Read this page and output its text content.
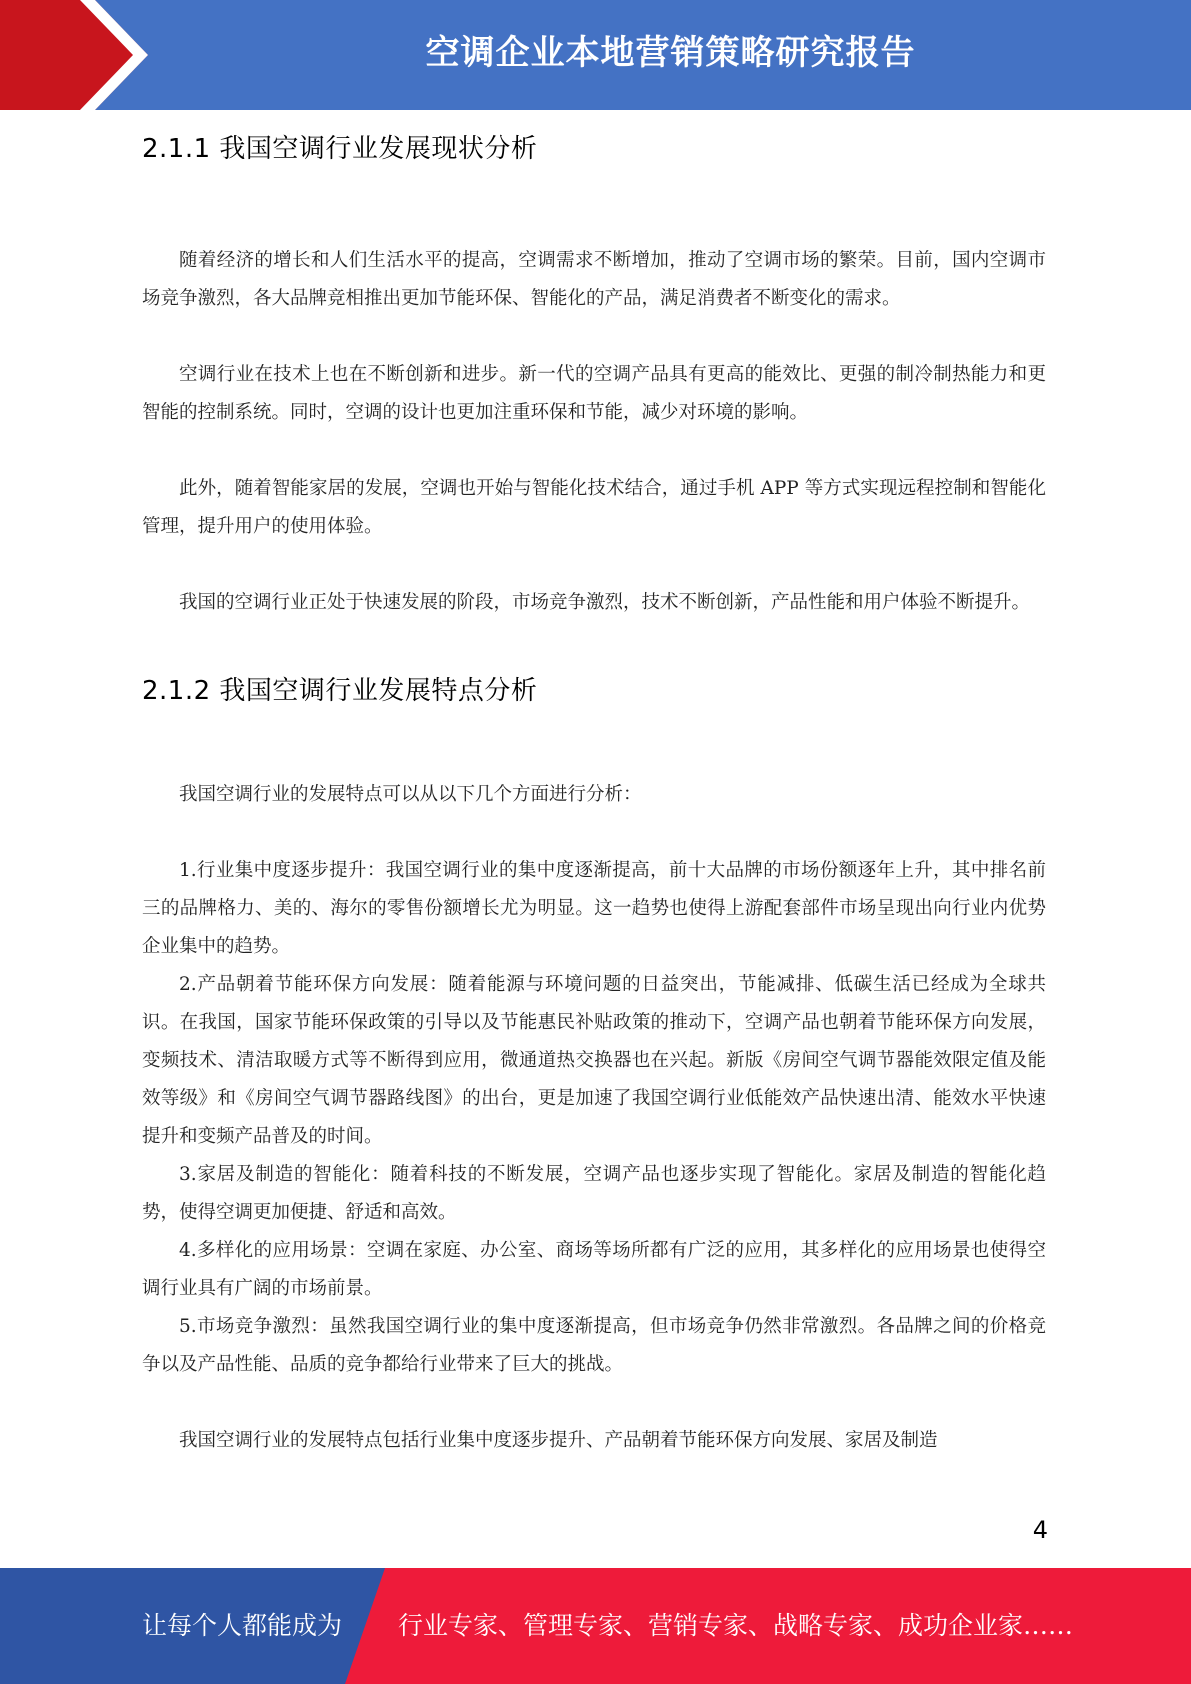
空调企业本地营销策略研究报告
2.1.1 我国空调行业发展现状分析

随着经济的增长和人们生活水平的提高，空调需求不断增加，推动了空调市场的繁荣。目前，国内空调市场竞争激烈，各大品牌竞相推出更加节能环保、智能化的产品，满足消费者不断变化的需求。

空调行业在技术上也在不断创新和进步。新一代的空调产品具有更高的能效比、更强的制冷制热能力和更智能的控制系统。同时，空调的设计也更加注重环保和节能，减少对环境的影响。

此外，随着智能家居的发展，空调也开始与智能化技术结合，通过手机 APP 等方式实现远程控制和智能化管理，提升用户的使用体验。

我国的空调行业正处于快速发展的阶段，市场竞争激烈，技术不断创新，产品性能和用户体验不断提升。

2.1.2 我国空调行业发展特点分析

我国空调行业的发展特点可以从以下几个方面进行分析：

1.行业集中度逐步提升：我国空调行业的集中度逐渐提高，前十大品牌的市场份额逐年上升，其中排名前三的品牌格力、美的、海尔的零售份额增长尤为明显。这一趋势也使得上游配套部件市场呈现出向行业内优势企业集中的趋势。

2.产品朝着节能环保方向发展：随着能源与环境问题的日益突出，节能减排、低碳生活已经成为全球共识。在我国，国家节能环保政策的引导以及节能惠民补贴政策的推动下，空调产品也朝着节能环保方向发展，变频技术、清洁取暖方式等不断得到应用，微通道热交换器也在兴起。新版《房间空气调节器能效限定值及能效等级》和《房间空气调节器路线图》的出台，更是加速了我国空调行业低能效产品快速出清、能效水平快速提升和变频产品普及的时间。

3.家居及制造的智能化：随着科技的不断发展，空调产品也逐步实现了智能化。家居及制造的智能化趋势，使得空调更加便捷、舒适和高效。

4.多样化的应用场景：空调在家庭、办公室、商场等场所都有广泛的应用，其多样化的应用场景也使得空调行业具有广阔的市场前景。

5.市场竞争激烈：虽然我国空调行业的集中度逐渐提高，但市场竞争仍然非常激烈。各品牌之间的价格竞争以及产品性能、品质的竞争都给行业带来了巨大的挑战。

我国空调行业的发展特点包括行业集中度逐步提升、产品朝着节能环保方向发展、家居及制造

4
让每个人都能成为 行业专家、管理专家、营销专家、战略专家、成功企业家……
